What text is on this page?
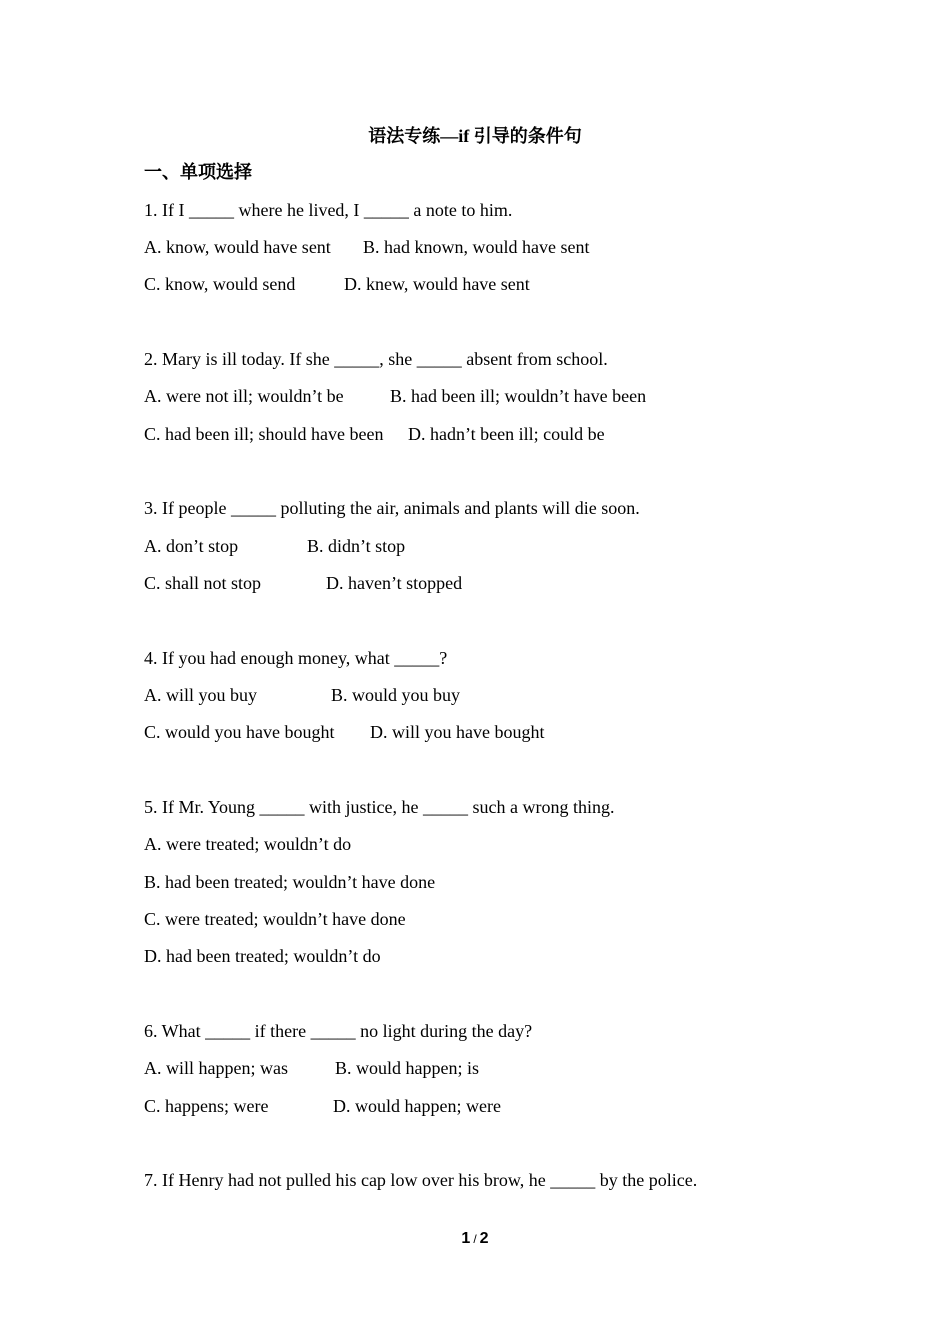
语法专练—if 引导的条件句
一、单项选择
1. If I _____ where he lived, I _____ a note to him.
A. know, would have sent B. had known, would have sent
C. know, would send	D. knew, would have sent
2. Mary is ill today. If she _____, she _____ absent from school.
A. were not ill; wouldn’t be	B. had been ill; wouldn’t have been
C. had been ill; should have been D. hadn’t been ill; could be
3. If people _____ polluting the air, animals and plants will die soon.
A. don’t stop	B. didn’t stop
C. shall not stop	D. haven’t stopped
4. If you had enough money, what _____?
A. will you buy	B. would you buy
C. would you have bought D. will you have bought
5. If Mr. Young _____ with justice, he _____ such a wrong thing.
A. were treated; wouldn’t do
B. had been treated; wouldn’t have done
C. were treated; wouldn’t have done
D. had been treated; wouldn’t do
6. What _____ if there _____ no light during the day?
A. will happen; was	B. would happen; is
C. happens; were	D. would happen; were
7. If Henry had not pulled his cap low over his brow, he _____ by the police.
1 / 2
